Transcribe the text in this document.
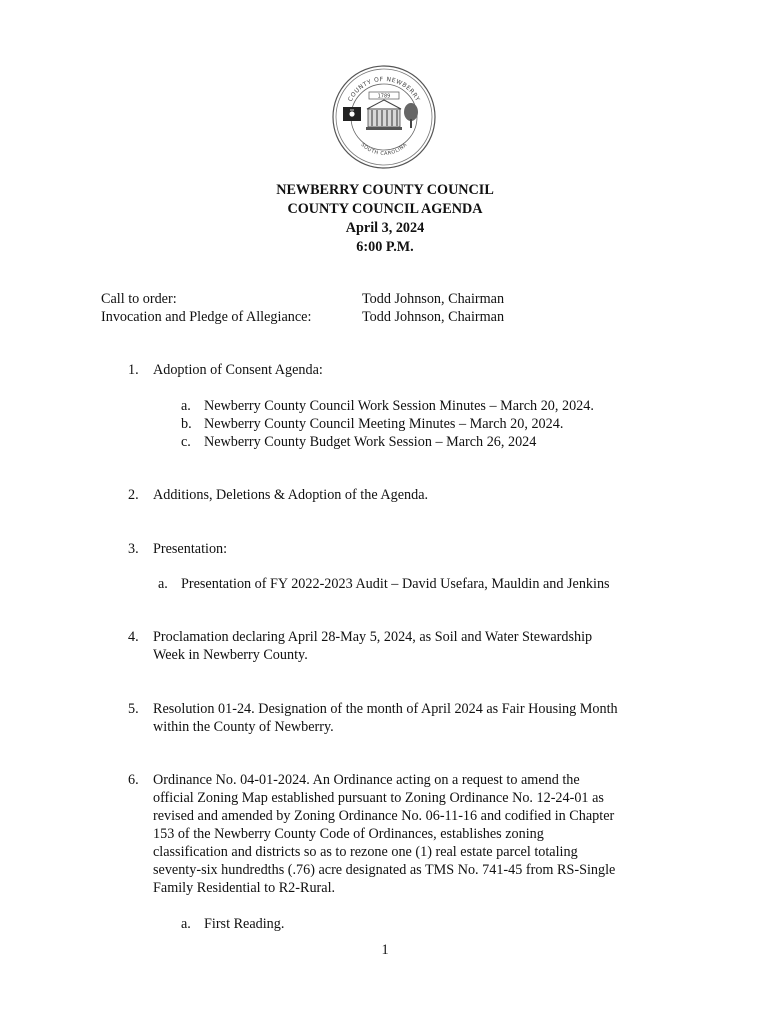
COUNTY OF NEWBERRY
SOUTH CAROLINA
1789
NEWBERRY COUNTY COUNCIL
COUNTY COUNCIL AGENDA
April 3, 2024
6:00 P.M.
Call to order:	Todd Johnson, Chairman
Invocation and Pledge of Allegiance:	Todd Johnson, Chairman
1. Adoption of Consent Agenda:
a. Newberry County Council Work Session Minutes – March 20, 2024.
b. Newberry County Council Meeting Minutes – March 20, 2024.
c. Newberry County Budget Work Session – March 26, 2024
2. Additions, Deletions & Adoption of the Agenda.
3. Presentation:
a. Presentation of FY 2022-2023 Audit – David Usefara, Mauldin and Jenkins
4. Proclamation declaring April 28-May 5, 2024, as Soil and Water Stewardship
Week in Newberry County.
5. Resolution 01-24. Designation of the month of April 2024 as Fair Housing Month
within the County of Newberry.
6. Ordinance No. 04-01-2024. An Ordinance acting on a request to amend the
official Zoning Map established pursuant to Zoning Ordinance No. 12-24-01 as
revised and amended by Zoning Ordinance No. 06-11-16 and codified in Chapter
153 of the Newberry County Code of Ordinances, establishes zoning
classification and districts so as to rezone one (1) real estate parcel totaling
seventy-six hundredths (.76) acre designated as TMS No. 741-45 from RS-Single
Family Residential to R2-Rural.
a. First Reading.
1
